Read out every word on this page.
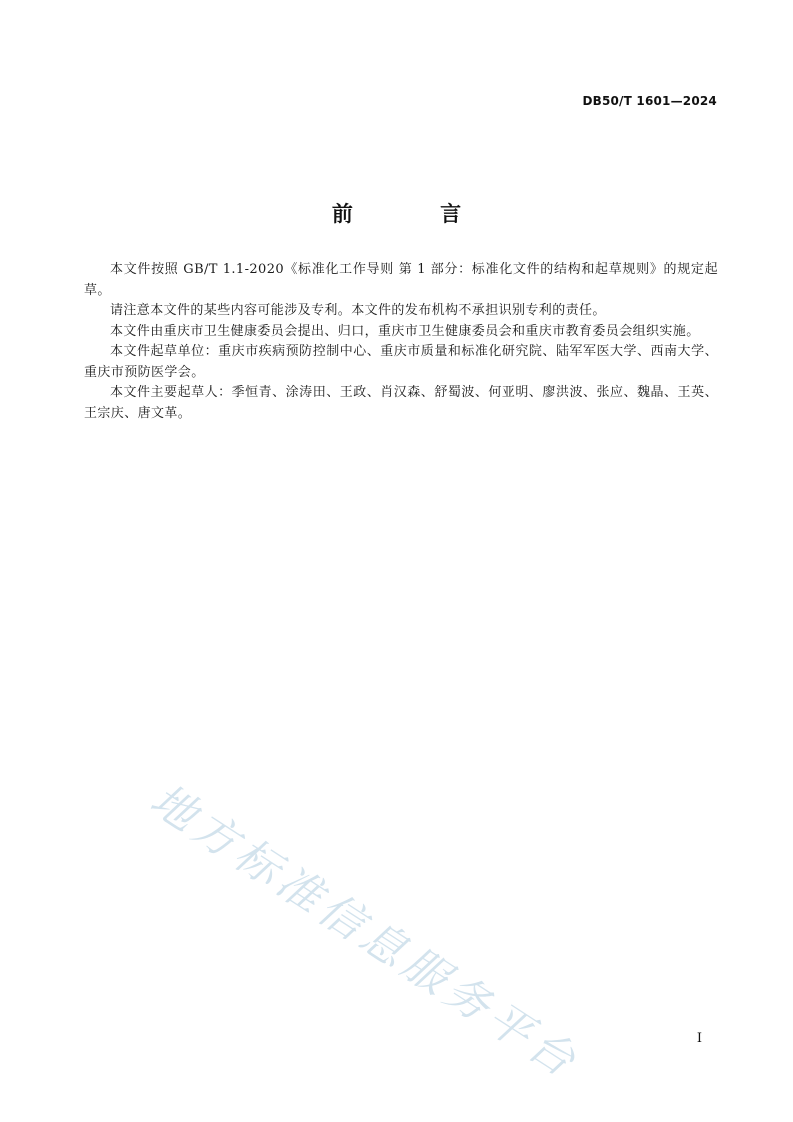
DB50/T 1601—2024
前 言

本文件按照 GB/T 1.1-2020《标准化工作导则 第 1 部分：标准化文件的结构和起草规则》的规定起草。

请注意本文件的某些内容可能涉及专利。本文件的发布机构不承担识别专利的责任。

本文件由重庆市卫生健康委员会提出、归口，重庆市卫生健康委员会和重庆市教育委员会组织实施。

本文件起草单位：重庆市疾病预防控制中心、重庆市质量和标准化研究院、陆军军医大学、西南大学、重庆市预防医学会。

本文件主要起草人：季恒青、涂涛田、王政、肖汉森、舒蜀波、何亚明、廖洪波、张应、魏晶、王英、王宗庆、唐文革。

地方标准信息服务平台	I
